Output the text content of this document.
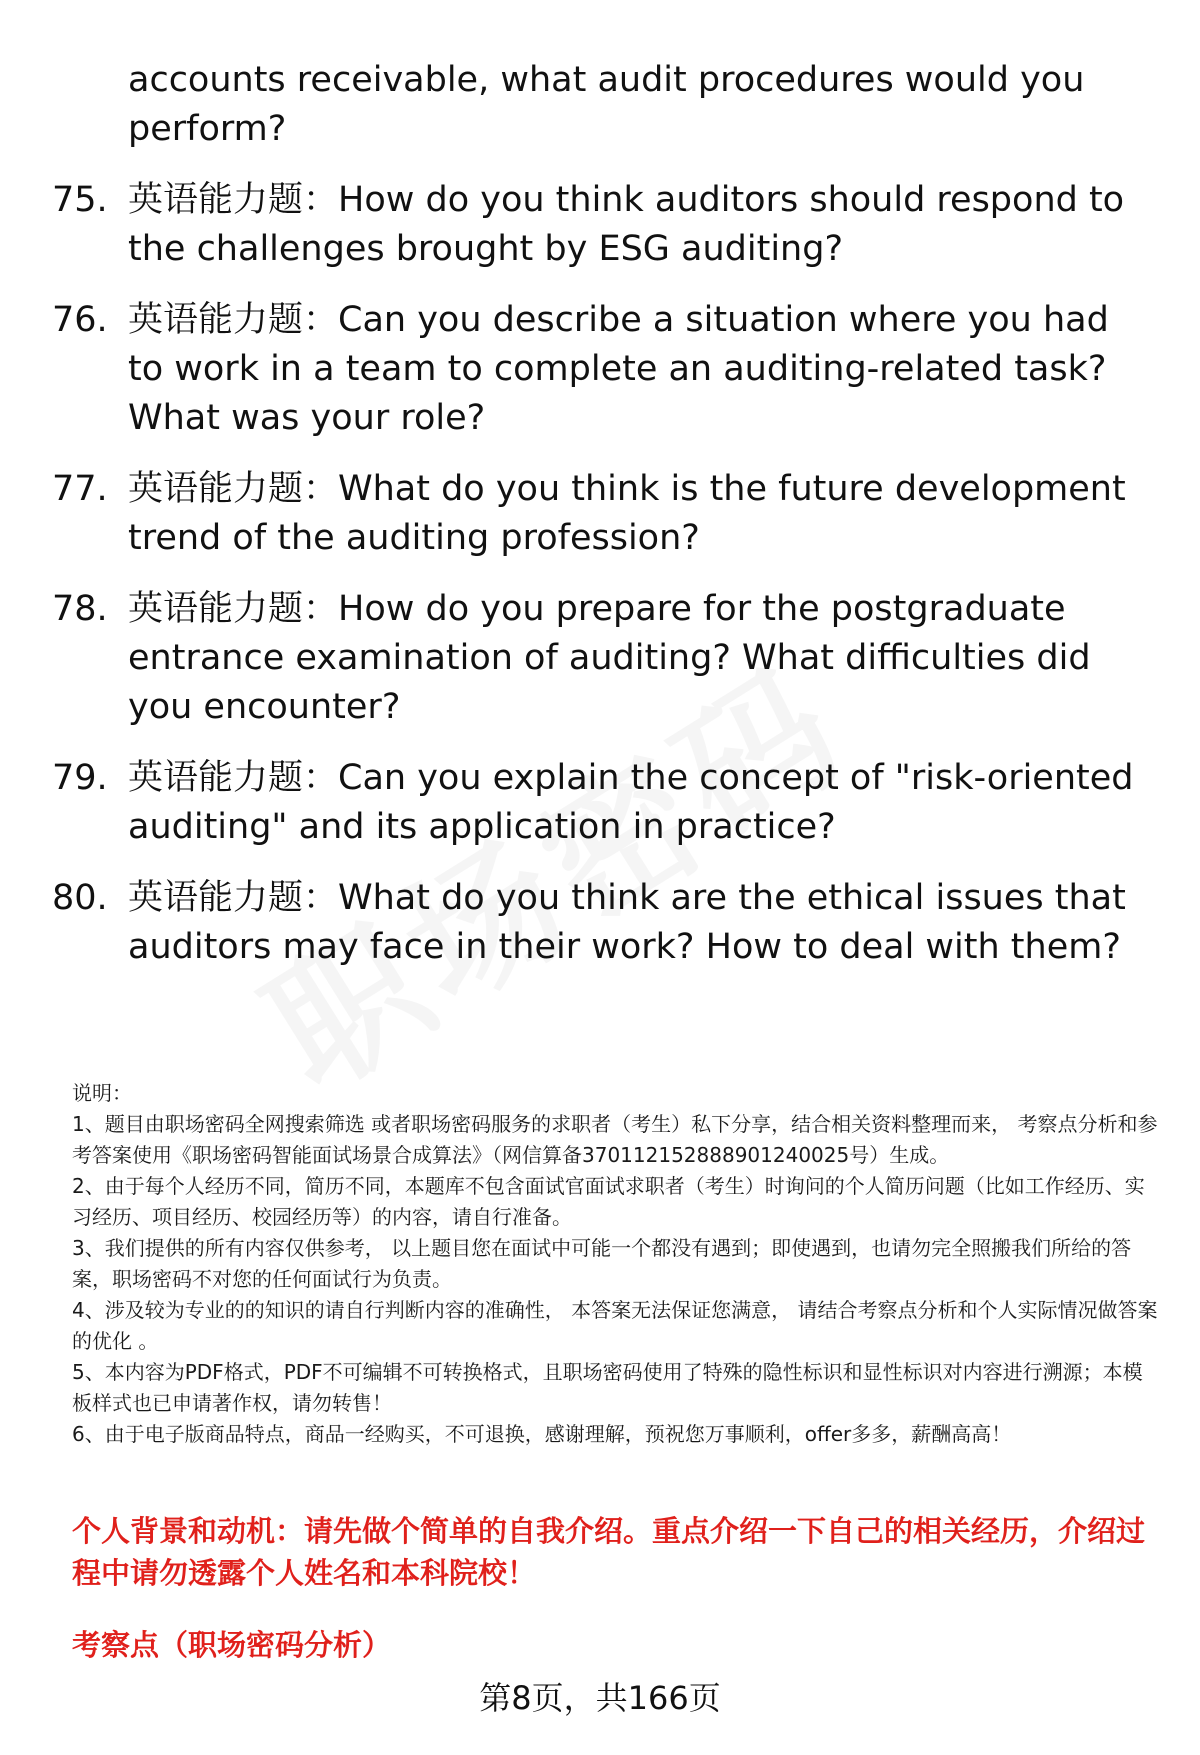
accounts receivable, what audit procedures would you perform?
75. 英语能力题：How do you think auditors should respond to the challenges brought by ESG auditing?
76. 英语能力题：Can you describe a situation where you had to work in a team to complete an auditing-related task? What was your role?
77. 英语能力题：What do you think is the future development trend of the auditing profession?
78. 英语能力题：How do you prepare for the postgraduate entrance examination of auditing? What difficulties did you encounter?
79. 英语能力题：Can you explain the concept of "risk-oriented auditing" and its application in practice?
80. 英语能力题：What do you think are the ethical issues that auditors may face in their work? How to deal with them?

说明：

1、题目由职场密码全网搜索筛选 或者职场密码服务的求职者（考生）私下分享，结合相关资料整理而来， 考察点分析和参考答案使用《职场密码智能面试场景合成算法》（网信算备370112152888901240025号）生成。

2、由于每个人经历不同，简历不同，本题库不包含面试官面试求职者（考生）时询问的个人简历问题（比如工作经历、实习经历、项目经历、校园经历等）的内容，请自行准备。

3、我们提供的所有内容仅供参考， 以上题目您在面试中可能一个都没有遇到；即使遇到，也请勿完全照搬我们所给的答案，职场密码不对您的任何面试行为负责。

4、涉及较为专业的的知识的请自行判断内容的准确性， 本答案无法保证您满意， 请结合考察点分析和个人实际情况做答案的优化 。

5、本内容为PDF格式，PDF不可编辑不可转换格式，且职场密码使用了特殊的隐性标识和显性标识对内容进行溯源；本模板样式也已申请著作权，请勿转售！

6、由于电子版商品特点，商品一经购买，不可退换，感谢理解，预祝您万事顺利，offer多多，薪酬高高！

个人背景和动机：请先做个简单的自我介绍。重点介绍一下自己的相关经历，介绍过程中请勿透露个人姓名和本科院校！

考察点（职场密码分析）

第8页，共166页
